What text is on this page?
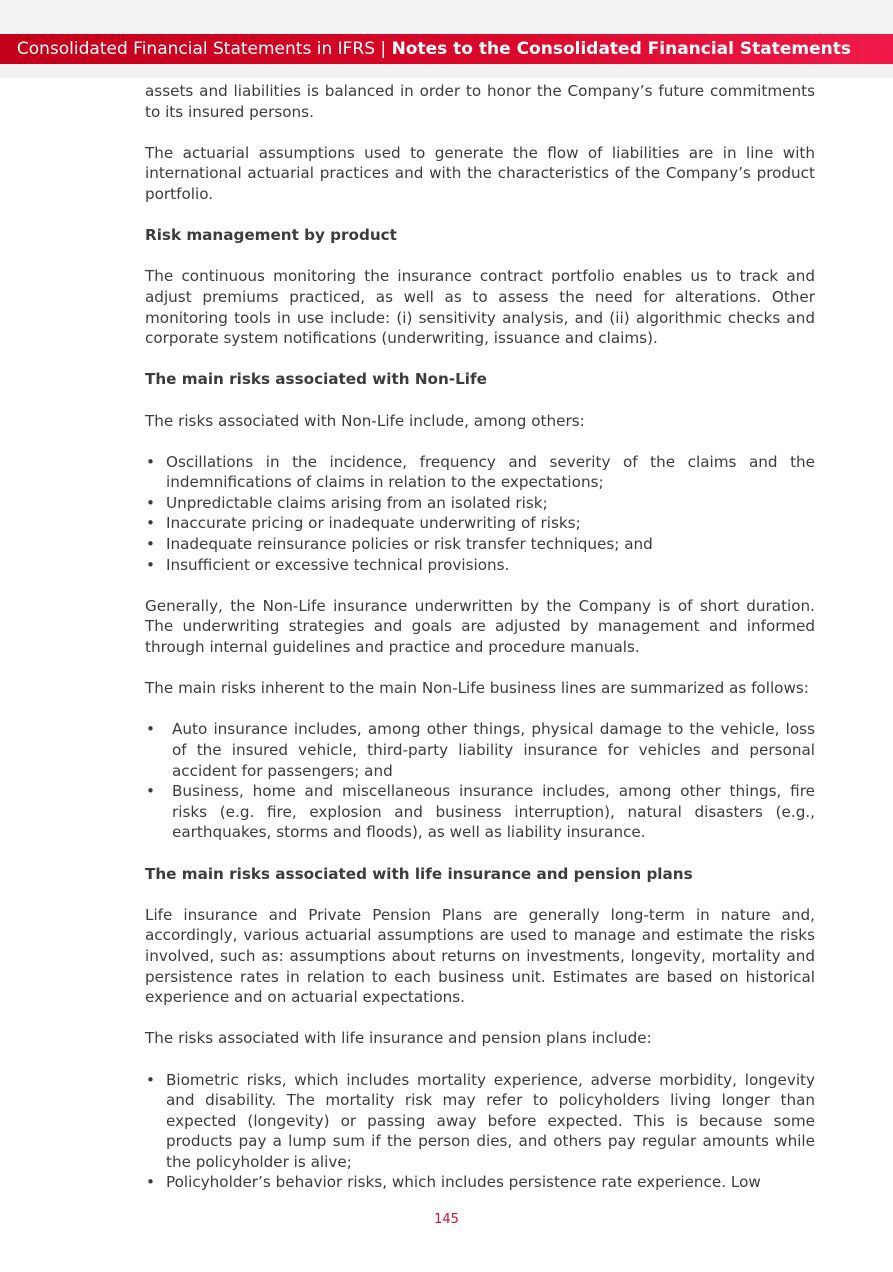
Consolidated Financial Statements in IFRS | Notes to the Consolidated Financial Statements

assets and liabilities is balanced in order to honor the Company’s future commitments to its insured persons.

The actuarial assumptions used to generate the flow of liabilities are in line with international actuarial practices and with the characteristics of the Company’s product portfolio.

Risk management by product

The continuous monitoring the insurance contract portfolio enables us to track and adjust premiums practiced, as well as to assess the need for alterations. Other monitoring tools in use include: (i) sensitivity analysis, and (ii) algorithmic checks and corporate system notifications (underwriting, issuance and claims).

The main risks associated with Non-Life

The risks associated with Non-Life include, among others:

• Oscillations in the incidence, frequency and severity of the claims and the indemnifications of claims in relation to the expectations;
• Unpredictable claims arising from an isolated risk;
• Inaccurate pricing or inadequate underwriting of risks;
• Inadequate reinsurance policies or risk transfer techniques; and
• Insufficient or excessive technical provisions.

Generally, the Non-Life insurance underwritten by the Company is of short duration. The underwriting strategies and goals are adjusted by management and informed through internal guidelines and practice and procedure manuals.

The main risks inherent to the main Non-Life business lines are summarized as follows:

• Auto insurance includes, among other things, physical damage to the vehicle, loss of the insured vehicle, third-party liability insurance for vehicles and personal accident for passengers; and
• Business, home and miscellaneous insurance includes, among other things, fire risks (e.g. fire, explosion and business interruption), natural disasters (e.g., earthquakes, storms and floods), as well as liability insurance.
The main risks associated with life insurance and pension plans

Life insurance and Private Pension Plans are generally long-term in nature and, accordingly, various actuarial assumptions are used to manage and estimate the risks involved, such as: assumptions about returns on investments, longevity, mortality and persistence rates in relation to each business unit. Estimates are based on historical experience and on actuarial expectations.

The risks associated with life insurance and pension plans include:

• Biometric risks, which includes mortality experience, adverse morbidity, longevity and disability. The mortality risk may refer to policyholders living longer than expected (longevity) or passing away before expected. This is because some products pay a lump sum if the person dies, and others pay regular amounts while the policyholder is alive;
• Policyholder’s behavior risks, which includes persistence rate experience. Low
145
